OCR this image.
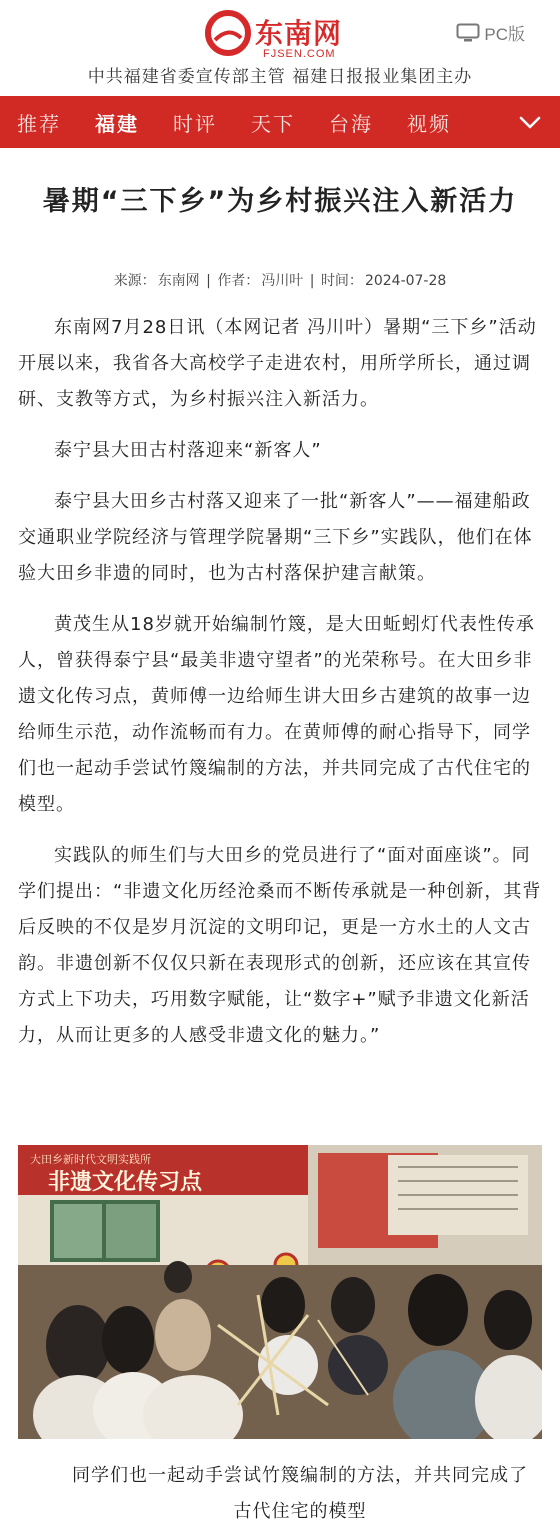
东南网
FJSEN.COM
PC版
中共福建省委宣传部主管 福建日报报业集团主办
推荐	福建	时评	天下	台海	视频
暑期“三下乡”为乡村振兴注入新活力
来源： 东南网 | 作者： 冯川叶 | 时间： 2024-07-28

东南网7月28日讯（本网记者 冯川叶）暑期“三下乡”活动开展以来，我省各大高校学子走进农村，用所学所长，通过调研、支教等方式，为乡村振兴注入新活力。

泰宁县大田古村落迎来“新客人”

泰宁县大田乡古村落又迎来了一批“新客人”——福建船政交通职业学院经济与管理学院暑期“三下乡”实践队，他们在体验大田乡非遗的同时，也为古村落保护建言献策。

黄茂生从18岁就开始编制竹篾，是大田蚯蚓灯代表性传承人，曾获得泰宁县“最美非遗守望者”的光荣称号。在大田乡非遗文化传习点，黄师傅一边给师生讲大田乡古建筑的故事一边给师生示范，动作流畅而有力。在黄师傅的耐心指导下，同学们也一起动手尝试竹篾编制的方法，并共同完成了古代住宅的模型。

实践队的师生们与大田乡的党员进行了“面对面座谈”。同学们提出：“非遗文化历经沧桑而不断传承就是一种创新，其背后反映的不仅是岁月沉淀的文明印记，更是一方水土的人文古韵。非遗创新不仅仅只新在表现形式的创新，还应该在其宣传方式上下功夫，巧用数字赋能，让“数字+”赋予非遗文化新活力，从而让更多的人感受非遗文化的魅力。”

大田乡新时代文明实践所
非遗文化传习点
同学们也一起动手尝试竹篾编制的方法，并共同完成了古代住宅的模型
